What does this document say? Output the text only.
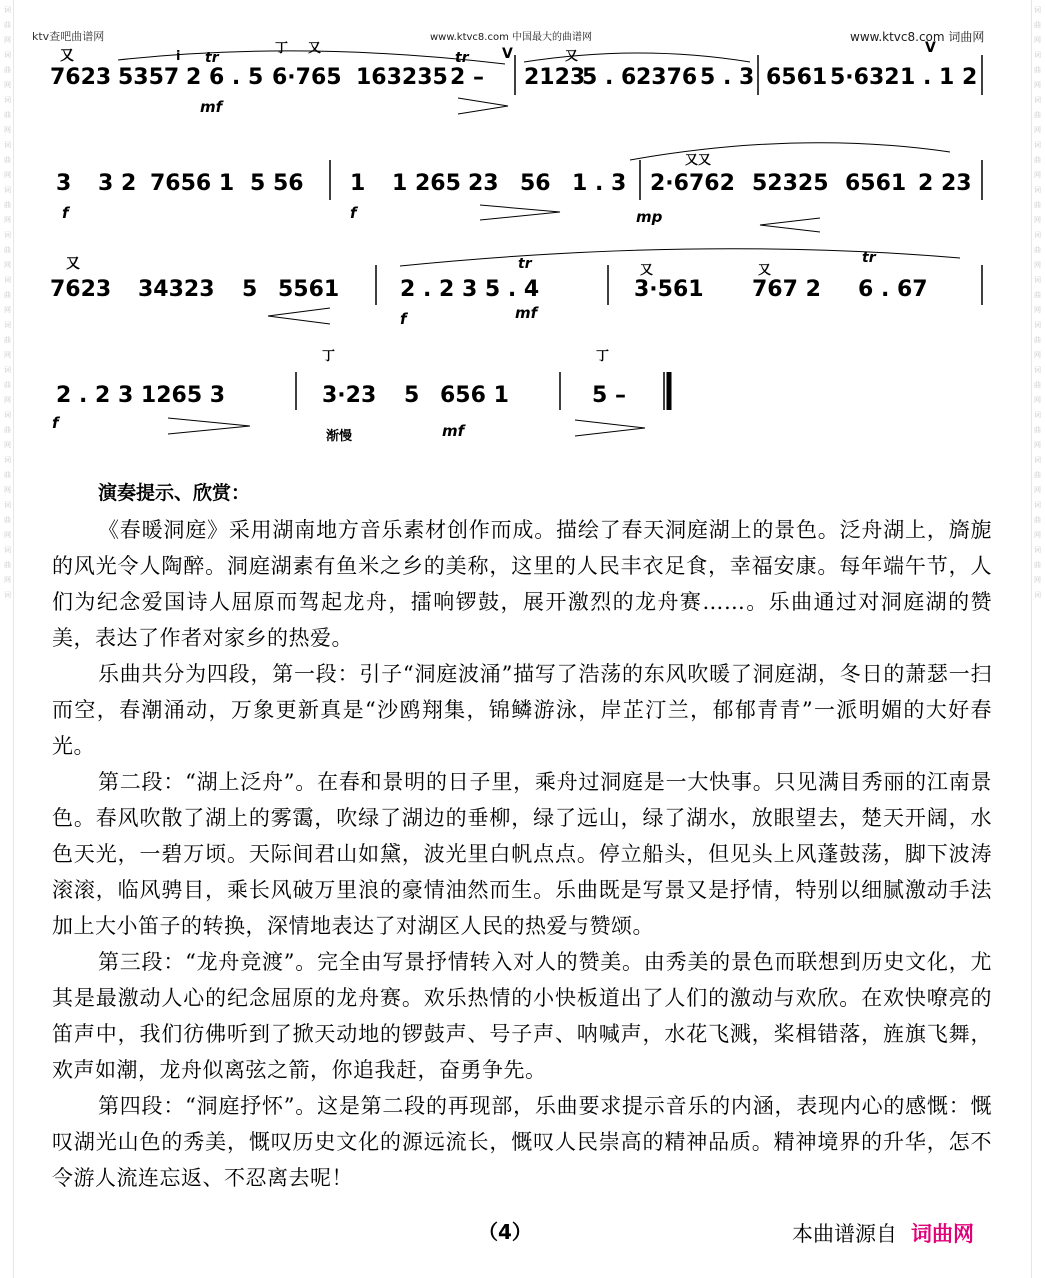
词
曲
网
词
曲
网
词
曲
网
词
曲
网
词
曲
网
词
曲
网
词
曲
网
词
曲
网
词
曲
网
词
曲
网
词
曲
网
词
曲
网
词
曲
网
词
词
曲
网
词
曲
网
词
曲
网
词
曲
网
词
曲
网
词
曲
网
词
曲
网
词
曲
网
词
曲
网
词
曲
网
词
曲
网
词
曲
网
词
曲
网
词
ktv查吧曲谱网	www.ktvc8.com 中国最大的曲谱网	www.ktvc8.com 词曲网
又
7623 5357
i
2 6 . 5
tr
mf
丁 又
6·765 163235 2 –
tr V	又
2123
5 . 6 2376 5 . 3 6561 5·632 1 . 1 2
V
3 3 2 7656 1 5 56
f
1 1 265 23 56 1 . 3
f
又又
2·6762 52325 6561 2 23
mp
又
7623 34323 5 5561	2 . 2 3 5 . 4
tr
f	mf
又	又
3·561 767 2 6 . 67
tr
2 . 2 3 1265 3
f
丁
3·23 5 656 1
渐慢	mf
丁
5 –
演奏提示、欣赏：

《春暖洞庭》采用湖南地方音乐素材创作而成。描绘了春天洞庭湖上的景色。泛舟湖上，旖旎的风光令人陶醉。洞庭湖素有鱼米之乡的美称，这里的人民丰衣足食，幸福安康。每年端午节，人们为纪念爱国诗人屈原而驾起龙舟，擂响锣鼓，展开激烈的龙舟赛……。乐曲通过对洞庭湖的赞美，表达了作者对家乡的热爱。

乐曲共分为四段，第一段：引子“洞庭波涌”描写了浩荡的东风吹暖了洞庭湖，冬日的萧瑟一扫而空，春潮涌动，万象更新真是“沙鸥翔集，锦鳞游泳，岸芷汀兰，郁郁青青”一派明媚的大好春光。

第二段：“湖上泛舟”。在春和景明的日子里，乘舟过洞庭是一大快事。只见满目秀丽的江南景色。春风吹散了湖上的雾霭，吹绿了湖边的垂柳，绿了远山，绿了湖水，放眼望去，楚天开阔，水色天光，一碧万顷。天际间君山如黛，波光里白帆点点。停立船头，但见头上风蓬鼓荡，脚下波涛滚滚，临风骋目，乘长风破万里浪的豪情油然而生。乐曲既是写景又是抒情，特别以细腻激动手法加上大小笛子的转换，深情地表达了对湖区人民的热爱与赞颂。

第三段：“龙舟竞渡”。完全由写景抒情转入对人的赞美。由秀美的景色而联想到历史文化，尤其是最激动人心的纪念屈原的龙舟赛。欢乐热情的小快板道出了人们的激动与欢欣。在欢快嘹亮的笛声中，我们彷佛听到了掀天动地的锣鼓声、号子声、呐喊声，水花飞溅，桨楫错落，旌旗飞舞，欢声如潮，龙舟似离弦之箭，你追我赶，奋勇争先。

第四段：“洞庭抒怀”。这是第二段的再现部，乐曲要求提示音乐的内涵，表现内心的感慨：慨叹湖光山色的秀美，慨叹历史文化的源远流长，慨叹人民崇高的精神品质。精神境界的升华，怎不令游人流连忘返、不忍离去呢！

（4）	本曲谱源自 词曲网
